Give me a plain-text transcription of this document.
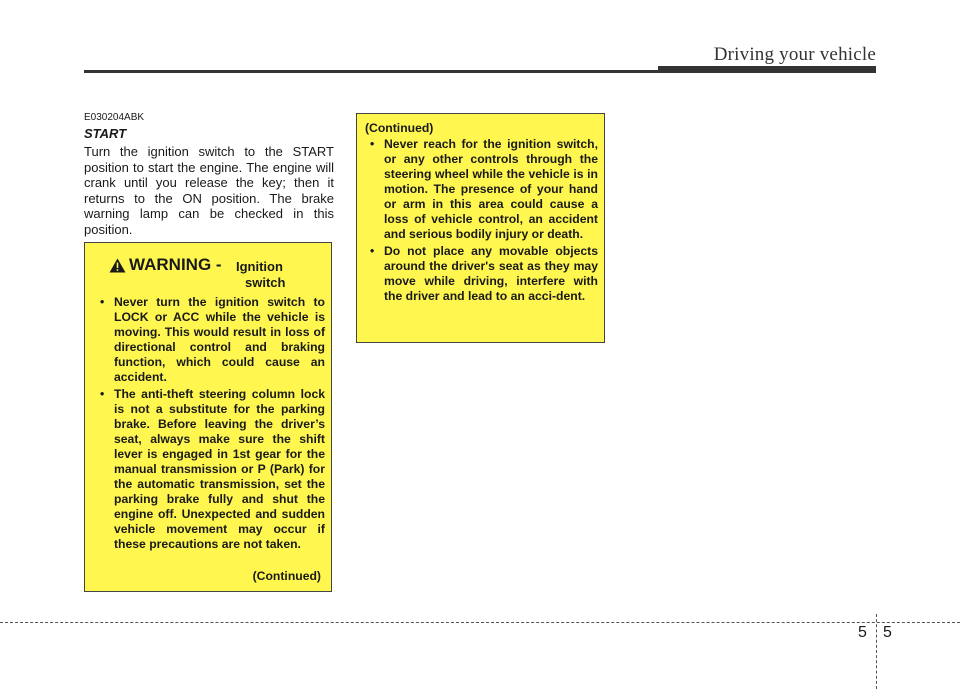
Driving your vehicle
E030204ABK
START
Turn the ignition switch to the START position to start the engine. The engine will crank until you release the key; then it returns to the ON position. The brake warning lamp can be checked in this position.
WARNING - Ignition
switch
• Never turn the ignition switch to LOCK or ACC while the vehicle is moving. This would result in loss of directional control and braking function, which could cause an accident.
• The anti-theft steering column lock is not a substitute for the parking brake. Before leaving the driver’s seat, always make sure the shift lever is engaged in 1st gear for the manual transmission or P (Park) for the automatic transmission, set the parking brake fully and shut the engine off. Unexpected and sudden vehicle movement may occur if these precautions are not taken.
(Continued)
(Continued)
• Never reach for the ignition switch, or any other controls through the steering wheel while the vehicle is in motion. The presence of your hand or arm in this area could cause a loss of vehicle control, an accident and serious bodily injury or death.
• Do not place any movable objects around the driver's seat as they may move while driving, interfere with the driver and lead to an acci-dent.
5 5
